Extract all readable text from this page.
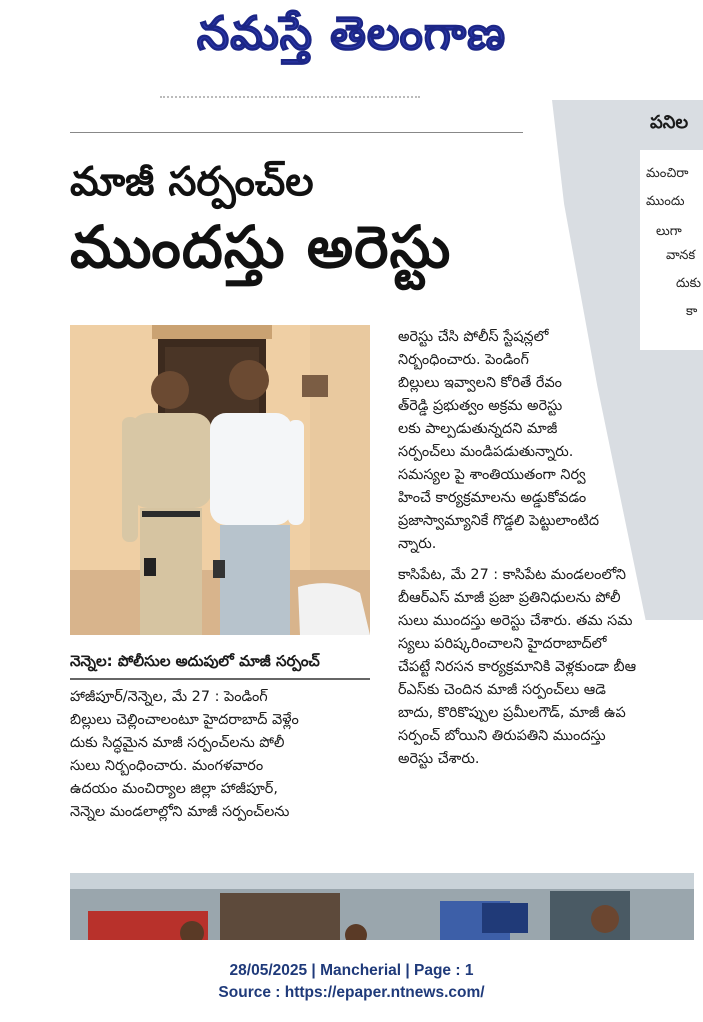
నమస్తే తెలంగాణ
పనిల
మంచిరా
ముందు
లుగా
వానక
దుకు
కా
మాజీ సర్పంచ్‌ల
ముందస్తు అరెస్టు
నెన్నెల: పోలీసుల అదుపులో మాజీ సర్పంచ్
హాజీపూర్/నెన్నెల, మే 27 : పెండింగ్
బిల్లులు చెల్లించాలంటూ హైదరాబాద్ వెళ్లేం
దుకు సిద్ధమైన మాజీ సర్పంచ్‌లను పోలీ
సులు నిర్బంధించారు. మంగళవారం
ఉదయం మంచిర్యాల జిల్లా హాజీపూర్,
నెన్నెల మండలాల్లోని మాజీ సర్పంచ్‌లను
అరెస్టు చేసి పోలీస్ స్టేషన్లలో
నిర్బంధించారు. పెండింగ్
బిల్లులు ఇవ్వాలని కోరితే రేవం
త్‌రెడ్డి ప్రభుత్వం అక్రమ అరెస్టు
లకు పాల్పడుతున్నదని మాజీ
సర్పంచ్‌లు మండిపడుతున్నారు.
సమస్యల పై శాంతియుతంగా నిర్వ
హించే కార్యక్రమాలను అడ్డుకోవడం
ప్రజాస్వామ్యానికే గొడ్డలి పెట్టులాంటిద
న్నారు.
కాసిపేట, మే 27 : కాసిపేట మండలంలోని
బీఆర్‌ఎస్ మాజీ ప్రజా ప్రతినిధులను పోలీ
సులు ముందస్తు అరెస్టు చేశారు. తమ సమ
స్యలు పరిష్కరించాలని హైదరాబాద్‌లో
చేపట్టే నిరసన కార్యక్రమానికి వెళ్లకుండా బీఆ
ర్‌ఎస్‌కు చెందిన మాజీ సర్పంచ్‌లు ఆడె
బాదు, కొరికొప్పుల ప్రమీలగౌడ్, మాజీ ఉప
సర్పంచ్ బోయిని తిరుపతిని ముందస్తు
అరెస్టు చేశారు.
28/05/2025 | Mancherial | Page : 1
Source : https://epaper.ntnews.com/
